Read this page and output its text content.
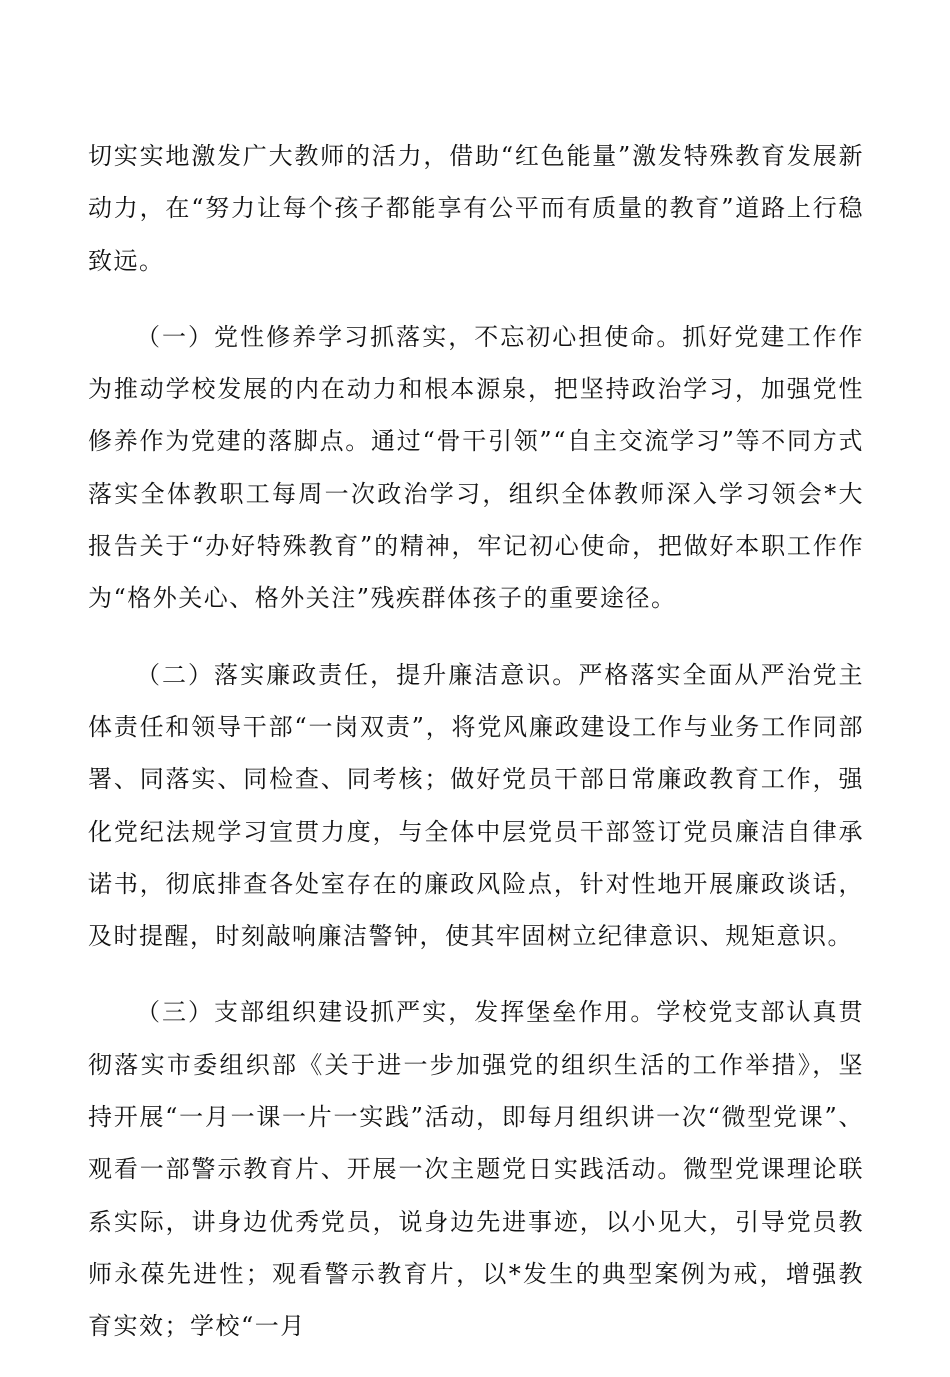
切实实地激发广大教师的活力，借助“红色能量”激发特殊教育发展新动力，在“努力让每个孩子都能享有公平而有质量的教育”道路上行稳致远。

（一）党性修养学习抓落实，不忘初心担使命。抓好党建工作作为推动学校发展的内在动力和根本源泉，把坚持政治学习，加强党性修养作为党建的落脚点。通过“骨干引领”“自主交流学习”等不同方式落实全体教职工每周一次政治学习，组织全体教师深入学习领会*大报告关于“办好特殊教育”的精神，牢记初心使命，把做好本职工作作为“格外关心、格外关注”残疾群体孩子的重要途径。

（二）落实廉政责任，提升廉洁意识。严格落实全面从严治党主体责任和领导干部“一岗双责”，将党风廉政建设工作与业务工作同部署、同落实、同检查、同考核；做好党员干部日常廉政教育工作，强化党纪法规学习宣贯力度，与全体中层党员干部签订党员廉洁自律承诺书，彻底排查各处室存在的廉政风险点，针对性地开展廉政谈话，及时提醒，时刻敲响廉洁警钟，使其牢固树立纪律意识、规矩意识。

（三）支部组织建设抓严实，发挥堡垒作用。学校党支部认真贯彻落实市委组织部《关于进一步加强党的组织生活的工作举措》，坚持开展“一月一课一片一实践”活动，即每月组织讲一次“微型党课”、观看一部警示教育片、开展一次主题党日实践活动。微型党课理论联系实际，讲身边优秀党员，说身边先进事迹，以小见大，引导党员教师永葆先进性；观看警示教育片，以*发生的典型案例为戒，增强教育实效；学校“一月
